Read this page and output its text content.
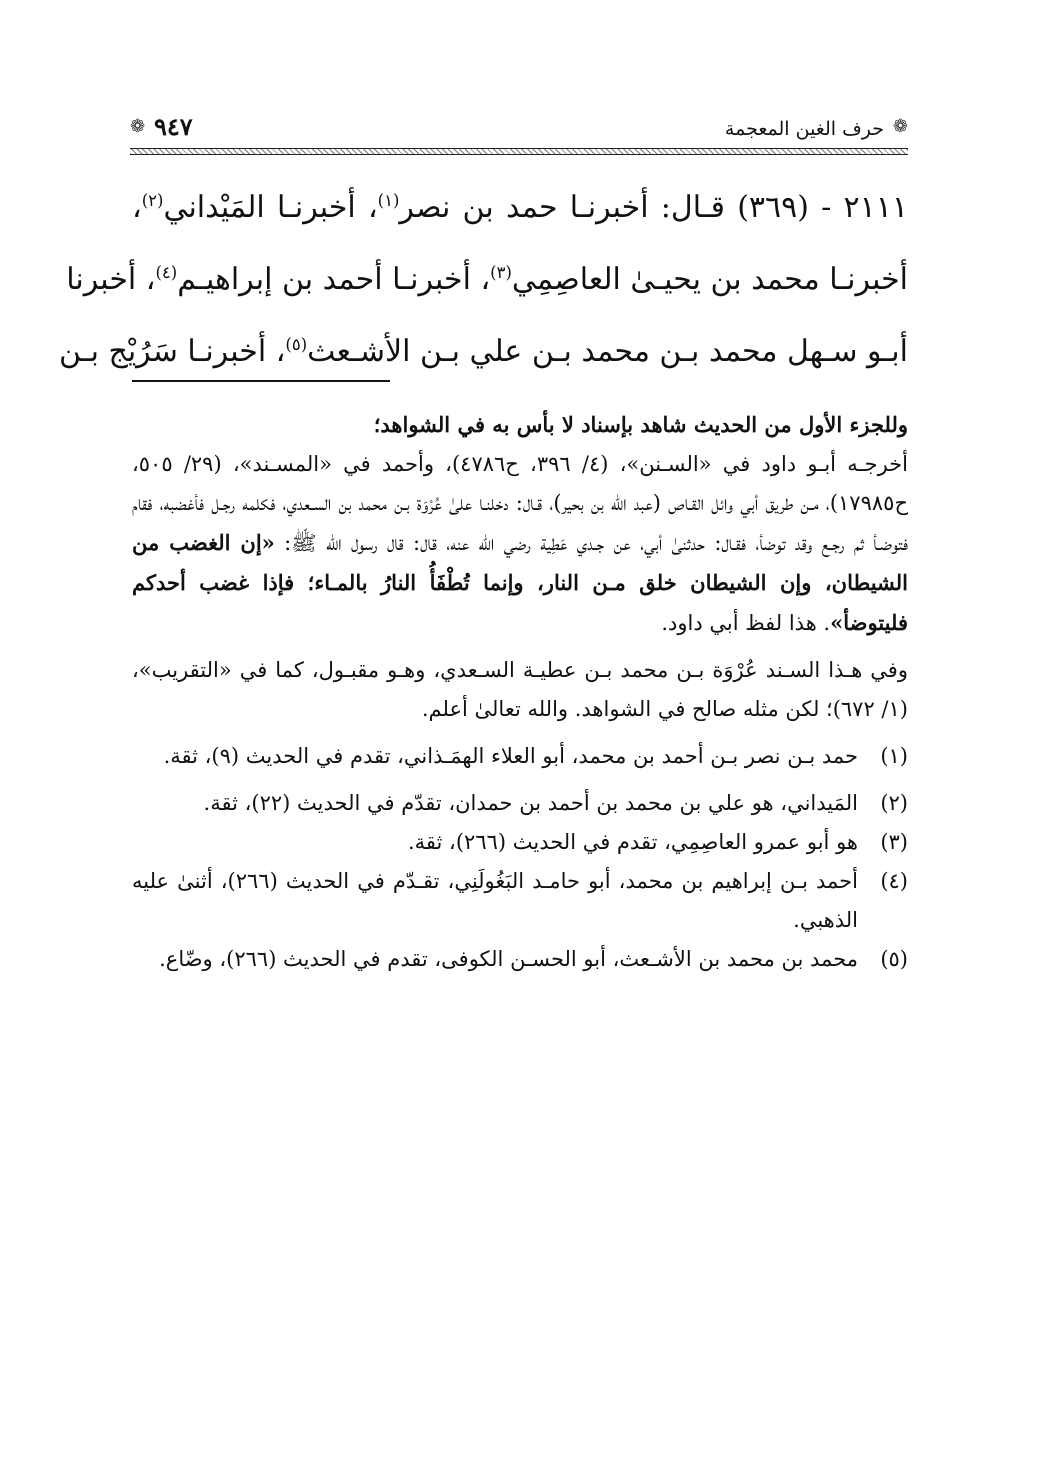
❁
حرف الغين المعجمة
٩٤٧
❁
٢١١١ - (٣٦٩) قـال: أخبرنـا حمد بن نصر$^{(١)}$، أخبرنـا المَيْداني$^{(٢)}$،
أخبرنـا محمد بن يحيـىٰ العاصِمِي$^{(٣)}$، أخبرنـا أحمد بن إبراهيـم$^{(٤)}$، أخبرنا
أبـو سـهل محمد بـن محمد بـن علي بـن الأشـعث$^{(٥)}$، أخبرنـا سَرُيْج بـن

وللجزء الأول من الحديث شاهد بإسناد لا بأس به في الشواهد؛

أخرجـه أبـو داود في «السـنن»، (٤/ ٣٩٦، ح٤٧٨٦)، وأحمد في «المسـند»، (٢٩/ ٥٠٥، ح١٧٩٨٥)، مـن طريق أبي وائل القـاص (عبد الله بن بحير)، قـال: دخلنـا علىٰ عُرْوَة بـن محمد بن السـعدي، فكلمه رجـل فأغضبه، فقام فتوضـأ ثم رجـع وقد توضأ، فقـال: حدثنىٰ أبي، عن جـدي عَطِية رضي الله عنه، قال: قال رسول الله ﷺ: «إن الغضب من الشيطان، وإن الشيطان خلق مـن النار، وإنما تُطْفَأُ النارُ بالمـاء؛ فإذا غضب أحدكم فليتوضأ». هذا لفظ أبي داود.

وفي هـذا السـند عُرْوَة بـن محمد بـن عطيـة السـعدي، وهـو مقبـول، كما في «التقريب»، (١/ ٦٧٢)؛ لكن مثله صالح في الشواهد. والله تعالىٰ أعلم.

(١)
حمد بـن نصر بـن أحمد بن محمد، أبو العلاء الهمَـذاني، تقدم في الحديث (٩)، ثقة.

(٢)
المَيداني، هو علي بن محمد بن أحمد بن حمدان، تقدّم في الحديث (٢٢)، ثقة.

(٣)
هو أبو عمرو العاصِمِي، تقدم في الحديث (٢٦٦)، ثقة.

(٤)
أحمد بـن إبراهيم بن محمد، أبو حامـد البَغُولَنِي، تقـدّم في الحديث (٢٦٦)، أثنىٰ عليه الذهبي.

(٥)
محمد بن محمد بن الأشـعث، أبو الحسـن الكوفى، تقدم في الحديث (٢٦٦)، وضّاع.
